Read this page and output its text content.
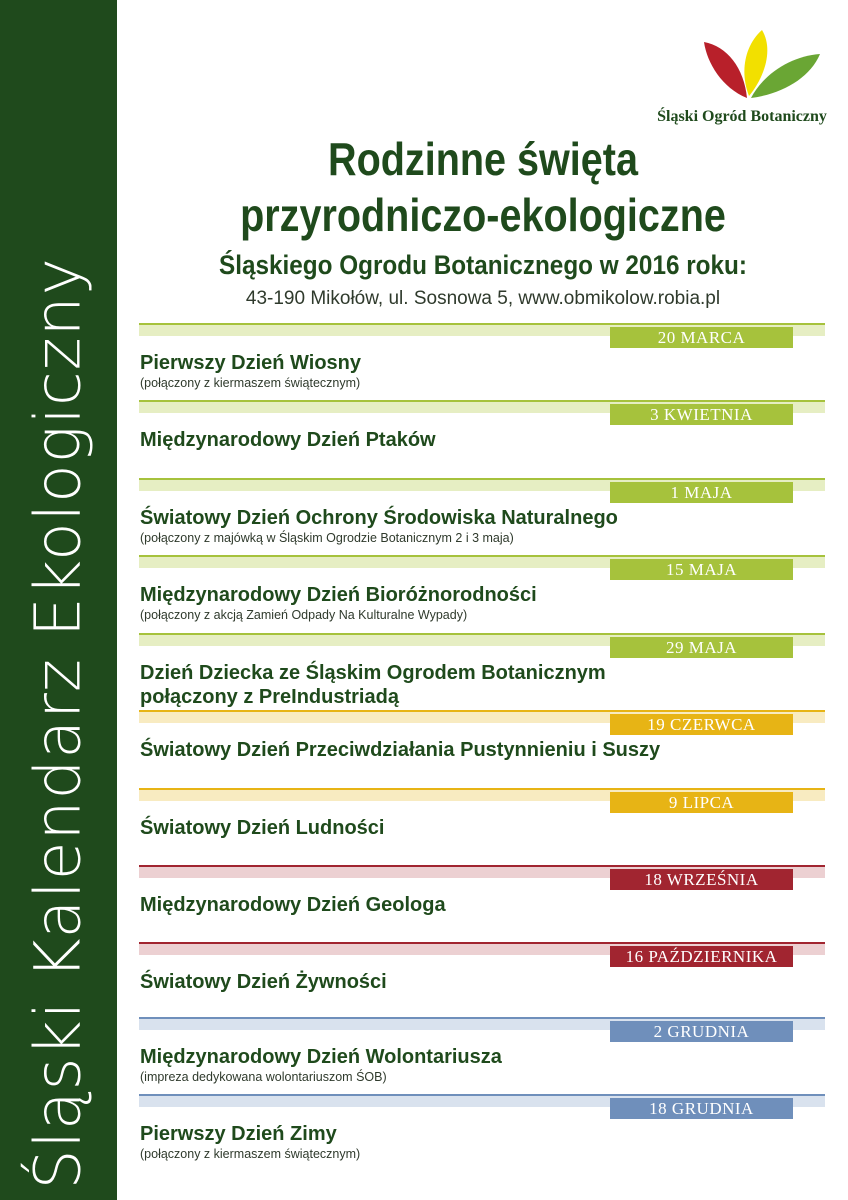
Śląski Kalendarz Ekologiczny
Śląski Ogród Botaniczny
Rodzinne święta
przyrodniczo-ekologiczne
Śląskiego Ogrodu Botanicznego w 2016 roku:
43-190 Mikołów, ul. Sosnowa 5, www.obmikolow.robia.pl
20 MARCA
Pierwszy Dzień Wiosny
(połączony z kiermaszem świątecznym)
3 KWIETNIA
Międzynarodowy Dzień Ptaków
1 MAJA
Światowy Dzień Ochrony Środowiska Naturalnego
(połączony z majówką w Śląskim Ogrodzie Botanicznym 2 i 3 maja)
15 MAJA
Międzynarodowy Dzień Bioróżnorodności
(połączony z akcją Zamień Odpady Na Kulturalne Wypady)
29 MAJA
Dzień Dziecka ze Śląskim Ogrodem Botanicznym
połączony z PreIndustriadą
19 CZERWCA
Światowy Dzień Przeciwdziałania Pustynnieniu i Suszy
9 LIPCA
Światowy Dzień Ludności
18 WRZEŚNIA
Międzynarodowy Dzień Geologa
16 PAŹDZIERNIKA
Światowy Dzień Żywności
2 GRUDNIA
Międzynarodowy Dzień Wolontariusza
(impreza dedykowana wolontariuszom ŚOB)
18 GRUDNIA
Pierwszy Dzień Zimy
(połączony z kiermaszem świątecznym)
